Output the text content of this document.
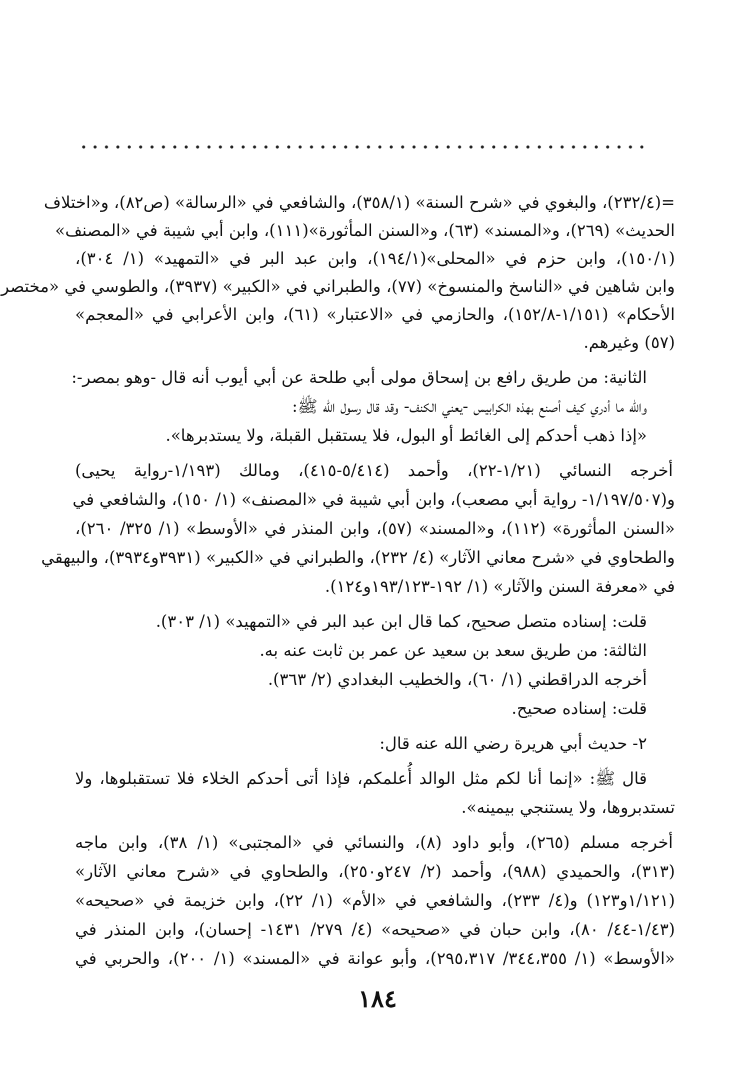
=(٢٣٢/٤)، والبغوي في «شرح السنة» (٣٥٨/١)، والشافعي في «الرسالة» (ص٨٢)، و«اختلاف
الحديث» (٢٦٩)، و«المسند» (٦٣)، و«السنن المأثورة»(١١١)، وابن أبي شيبة في «المصنف»
(١٥٠/١)، وابن حزم في «المحلى»(١٩٤/١)، وابن عبد البر في «التمهيد» (١/ ٣٠٤)،
وابن شاهين في «الناسخ والمنسوخ» (٧٧)، والطبراني في «الكبير» (٣٩٣٧)، والطوسي في «مختصر
الأحكام» (١/١٥١-١٥٢/٨)، والحازمي في «الاعتبار» (٦١)، وابن الأعرابي في «المعجم»
(٥٧) وغيرهم.
الثانية: من طريق رافع بن إسحاق مولى أبي طلحة عن أبي أيوب أنه قال -وهو بمصر-:
والله ما أدري كيف أصنع بهذه الكرابيس -يعني الكنف- وقد قال رسول الله ﷺ:
«إذا ذهب أحدكم إلى الغائط أو البول، فلا يستقبل القبلة، ولا يستدبرها».
أخرجه النسائي (١/٢١-٢٢)، وأحمد (٥/٤١٤-٤١٥)، ومالك (١/١٩٣-رواية يحيى)
و(١/١٩٧/٥٠٧- رواية أبي مصعب)، وابن أبي شيبة في «المصنف» (١/ ١٥٠)، والشافعي في
«السنن المأثورة» (١١٢)، و«المسند» (٥٧)، وابن المنذر في «الأوسط» (١/ ٣٢٥/ ٢٦٠)،
والطحاوي في «شرح معاني الآثار» (٤/ ٢٣٢)، والطبراني في «الكبير» (٣٩٣١و٣٩٣٤)، والبيهقي
في «معرفة السنن والآثار» (١/ ١٩٢-١٩٣/١٢٣و١٢٤).
قلت: إسناده متصل صحيح، كما قال ابن عبد البر في «التمهيد» (١/ ٣٠٣).
الثالثة: من طريق سعد بن سعيد عن عمر بن ثابت عنه به.
أخرجه الدراقطني (١/ ٦٠)، والخطيب البغدادي (٢/ ٣٦٣).
قلت: إسناده صحيح.
٢- حديث أبي هريرة رضي الله عنه قال:
قال ﷺ: «إنما أنا لكم مثل الوالد أُعلمكم، فإذا أتى أحدكم الخلاء فلا تستقبلوها، ولا
تستدبروها، ولا يستنجي بيمينه».
أخرجه مسلم (٢٦٥)، وأبو داود (٨)، والنسائي في «المجتبى» (١/ ٣٨)، وابن ماجه
(٣١٣)، والحميدي (٩٨٨)، وأحمد (٢/ ٢٤٧و٢٥٠)، والطحاوي في «شرح معاني الآثار»
(١/١٢١و١٢٣) و(٤/ ٢٣٣)، والشافعي في «الأم» (١/ ٢٢)، وابن خزيمة في «صحيحه»
(١/٤٣-٤٤/ ٨٠)، وابن حبان في «صحيحه» (٤/ ٢٧٩/ ١٤٣١- إحسان)، وابن المنذر في
«الأوسط» (١/ ٣٤٤،٣٥٥/ ٢٩٥،٣١٧)، وأبو عوانة في «المسند» (١/ ٢٠٠)، والحربي في
١٨٤
